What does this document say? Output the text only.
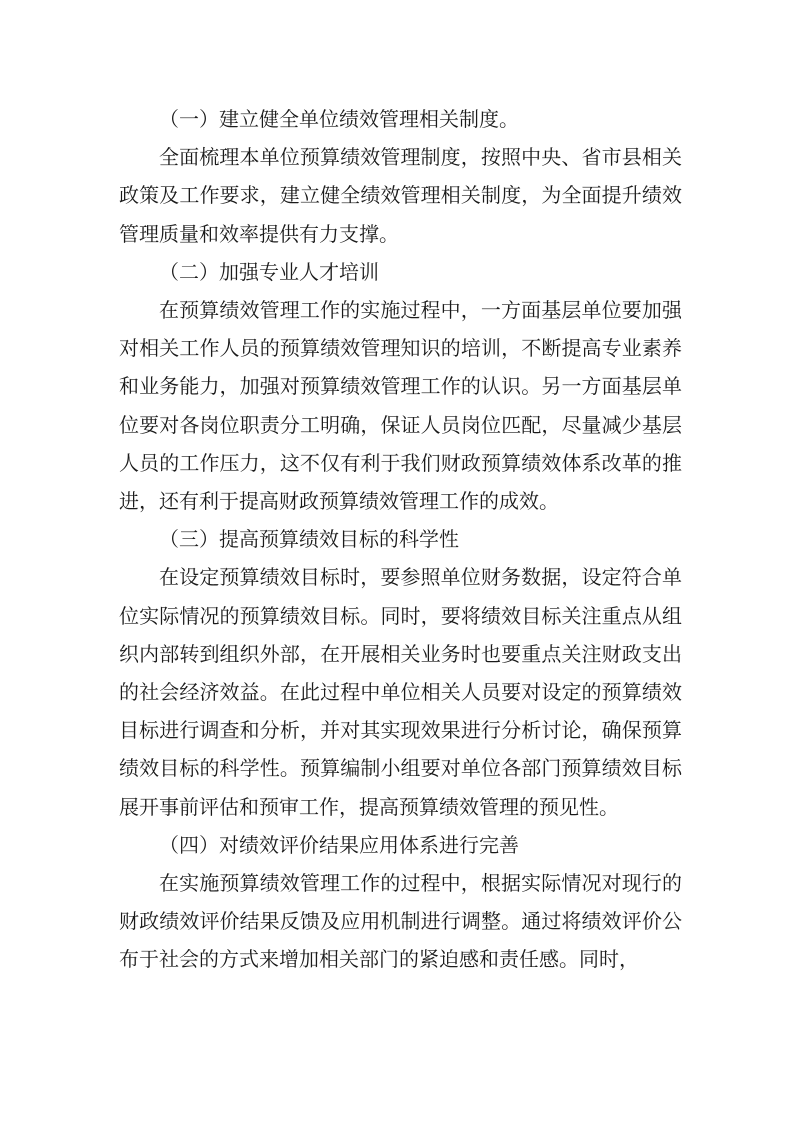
（一）建立健全单位绩效管理相关制度。

全面梳理本单位预算绩效管理制度，按照中央、省市县相关政策及工作要求，建立健全绩效管理相关制度，为全面提升绩效管理质量和效率提供有力支撑。

（二）加强专业人才培训

在预算绩效管理工作的实施过程中，一方面基层单位要加强对相关工作人员的预算绩效管理知识的培训，不断提高专业素养和业务能力，加强对预算绩效管理工作的认识。另一方面基层单位要对各岗位职责分工明确，保证人员岗位匹配，尽量减少基层人员的工作压力，这不仅有利于我们财政预算绩效体系改革的推进，还有利于提高财政预算绩效管理工作的成效。

（三）提高预算绩效目标的科学性

在设定预算绩效目标时，要参照单位财务数据，设定符合单位实际情况的预算绩效目标。同时，要将绩效目标关注重点从组织内部转到组织外部，在开展相关业务时也要重点关注财政支出的社会经济效益。在此过程中单位相关人员要对设定的预算绩效目标进行调查和分析，并对其实现效果进行分析讨论，确保预算绩效目标的科学性。预算编制小组要对单位各部门预算绩效目标展开事前评估和预审工作，提高预算绩效管理的预见性。

（四）对绩效评价结果应用体系进行完善

在实施预算绩效管理工作的过程中，根据实际情况对现行的财政绩效评价结果反馈及应用机制进行调整。通过将绩效评价公布于社会的方式来增加相关部门的紧迫感和责任感。同时，
